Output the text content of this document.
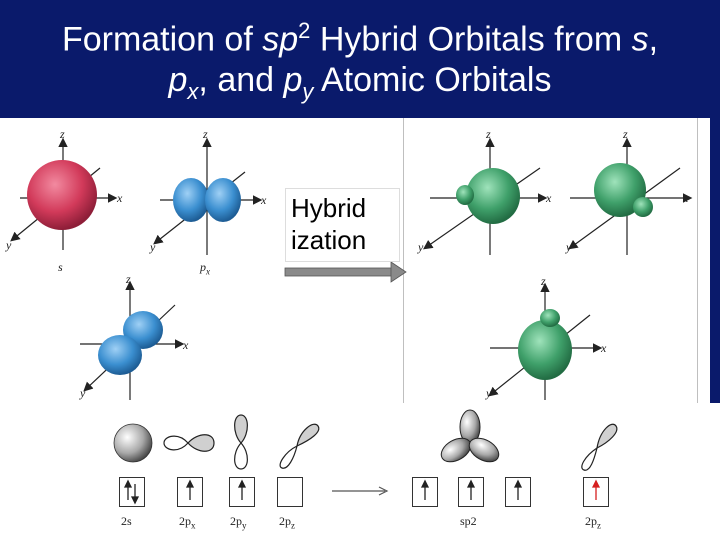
Formation of $sp^2$ Hybrid Orbitals from s,
$p_x$, and $p_y$ Atomic Orbitals
z
x
y
s
z
x
y
$p_x$
z
x
y
z
x
y
z
x
y
z
x
y
Hybrid
ization
2s	$2p_x$	$2p_y$	$2p_z$	sp2	$2p_z$
